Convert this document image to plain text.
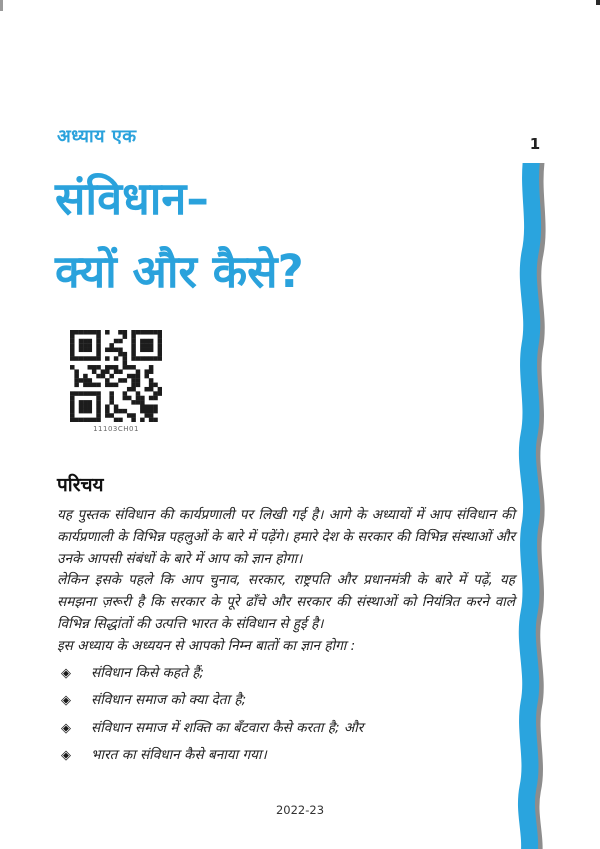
अध्याय एक	1
संविधान–
क्यों और कैसे?
11103CH01
परिचय

यह पुस्तक संविधान की कार्यप्रणाली पर लिखी गई है। आगे के अध्यायों में आप संविधान की कार्यप्रणाली के विभिन्न पहलुओं के बारे में पढ़ेंगे। हमारे देश के सरकार की विभिन्न संस्थाओं और उनके आपसी संबंधों के बारे में आप को ज्ञान होगा।

लेकिन इसके पहले कि आप चुनाव, सरकार, राष्ट्रपति और प्रधानमंत्री के बारे में पढ़ें, यह समझना ज़रूरी है कि सरकार के पूरे ढाँचे और सरकार की संस्थाओं को नियंत्रित करने वाले विभिन्न सिद्धांतों की उत्पत्ति भारत के संविधान से हुई है।

इस अध्याय के अध्ययन से आपको निम्न बातों का ज्ञान होगा :

◈	संविधान किसे कहते हैं;
◈	संविधान समाज को क्या देता है;
◈	संविधान समाज में शक्ति का बँटवारा कैसे करता है; और
◈	भारत का संविधान कैसे बनाया गया।
2022-23
